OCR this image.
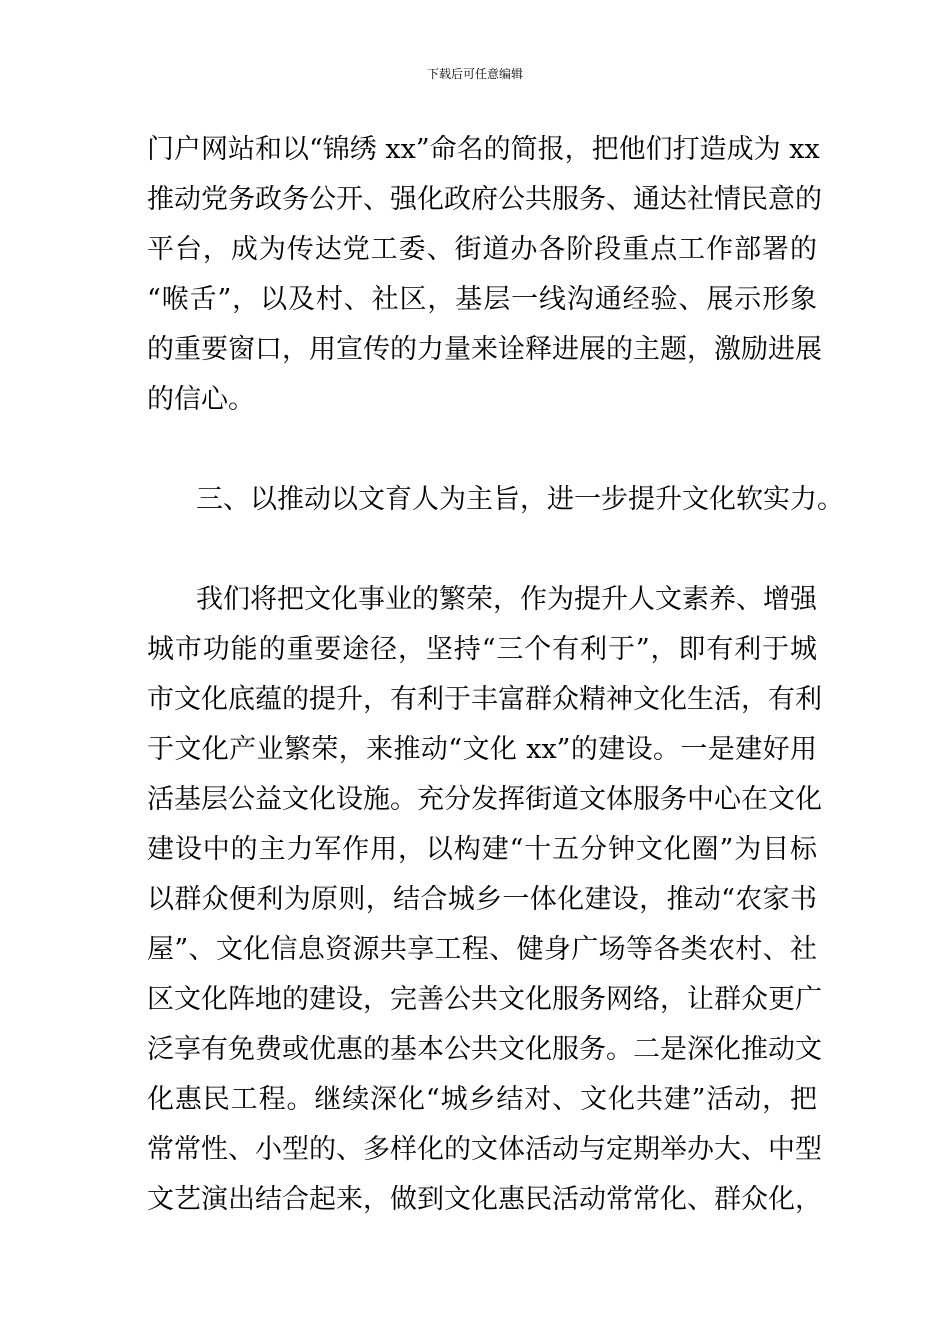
下载后可任意编辑
门户网站和以“锦绣 xx”命名的简报，把他们打造成为 xx
推动党务政务公开、强化政府公共服务、通达社情民意的
平台，成为传达党工委、街道办各阶段重点工作部署的
“喉舌”，以及村、社区，基层一线沟通经验、展示形象
的重要窗口，用宣传的力量来诠释进展的主题，激励进展
的信心。
三、以推动以文育人为主旨，进一步提升文化软实力。
我们将把文化事业的繁荣，作为提升人文素养、增强
城市功能的重要途径，坚持“三个有利于”，即有利于城
市文化底蕴的提升，有利于丰富群众精神文化生活，有利
于文化产业繁荣，来推动“文化 xx”的建设。一是建好用
活基层公益文化设施。充分发挥街道文体服务中心在文化
建设中的主力军作用，以构建“十五分钟文化圈”为目标
以群众便利为原则，结合城乡一体化建设，推动“农家书
屋”、文化信息资源共享工程、健身广场等各类农村、社
区文化阵地的建设，完善公共文化服务网络，让群众更广
泛享有免费或优惠的基本公共文化服务。二是深化推动文
化惠民工程。继续深化“城乡结对、文化共建”活动，把
常常性、小型的、多样化的文体活动与定期举办大、中型
文艺演出结合起来，做到文化惠民活动常常化、群众化，
